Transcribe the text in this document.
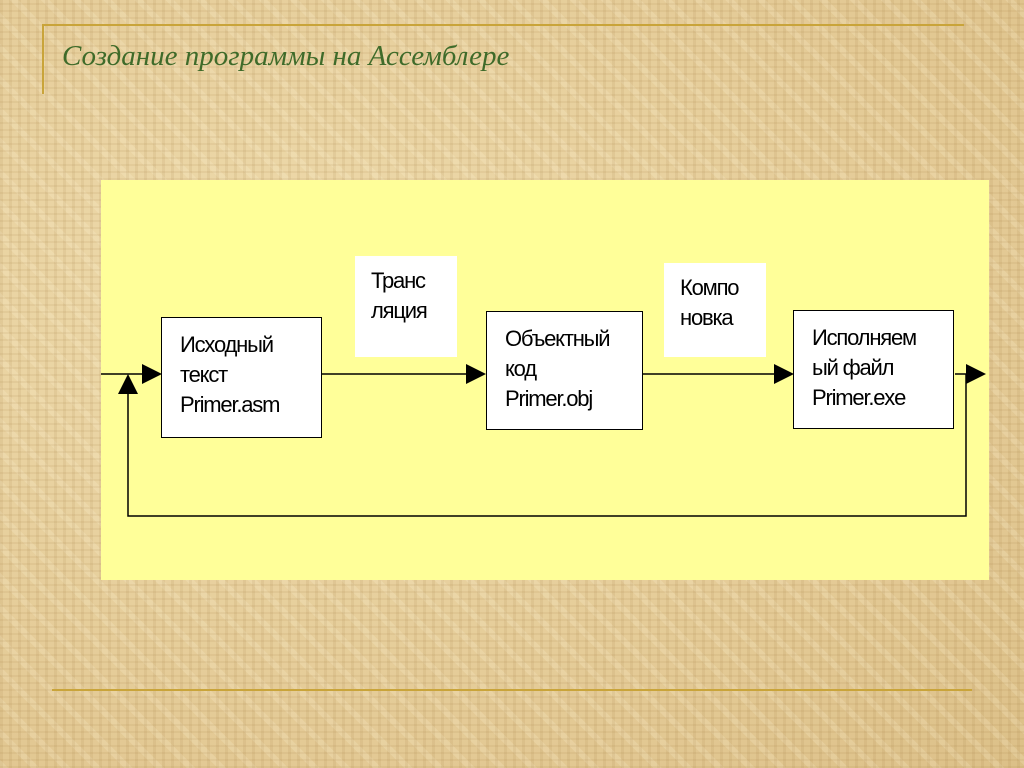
Создание программы на Ассемблере
Исходный
текст
Primer.asm
Транс
ляция
Объектный
код
Primer.obj
Компо
новка
Исполняем
ый файл
Primer.exe
